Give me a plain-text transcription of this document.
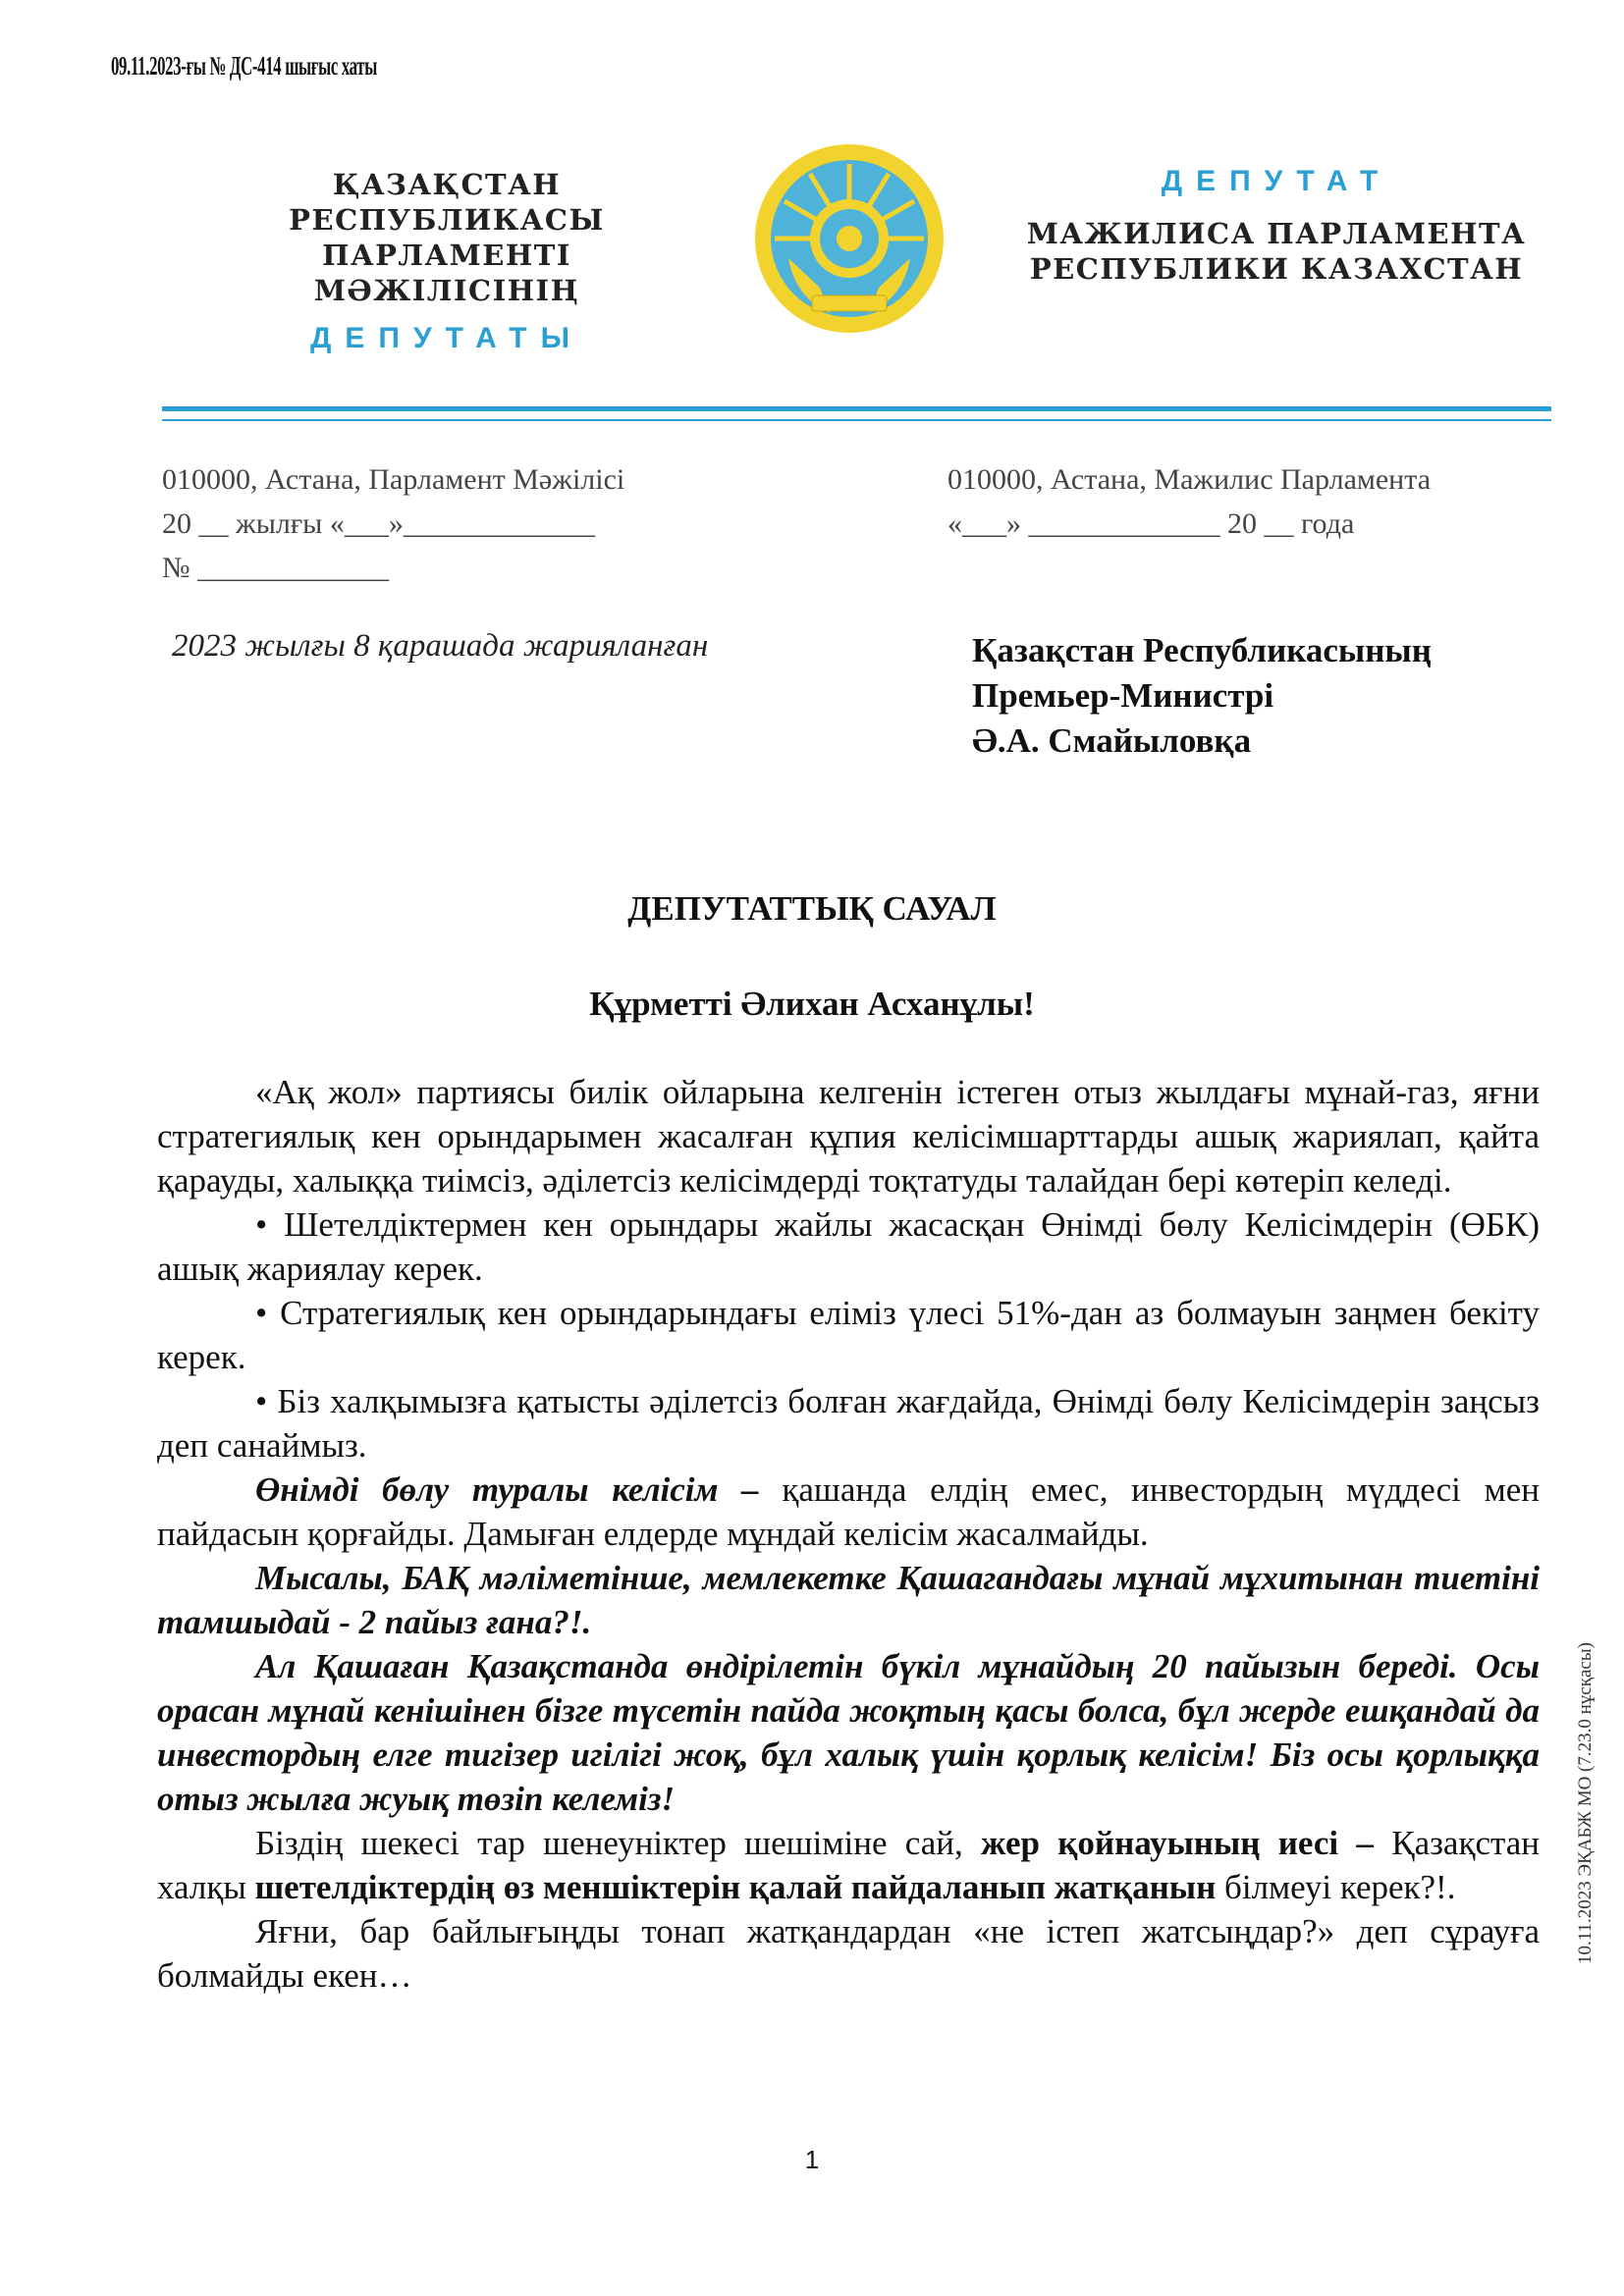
09.11.2023-ғы № ДС-414 шығыс хаты
ҚАЗАҚСТАН РЕСПУБЛИКАСЫ
ПАРЛАМЕНТІ МӘЖІЛІСІНІҢ
ДЕПУТАТЫ
ДЕПУТАТ
МАЖИЛИСА ПАРЛАМЕНТА
РЕСПУБЛИКИ КАЗАХСТАН
010000, Астана, Парламент Мәжілісі
20 __ жылғы «___»_____________
№ _____________
010000, Астана, Мажилис Парламента
«___» _____________ 20 __ года
2023 жылғы 8 қарашада жарияланған	Қазақстан Республикасының
Премьер-Министрі
Ә.А. Смайыловқа
ДЕПУТАТТЫҚ САУАЛ
Құрметті Әлихан Асханұлы!

«Ақ жол» партиясы билік ойларына келгенін істеген отыз жылдағы мұнай-газ, яғни стратегиялық кен орындарымен жасалған құпия келісімшарттарды ашық жариялап, қайта қарауды, халыққа тиімсіз, әділетсіз келісімдерді тоқтатуды талайдан бері көтеріп келеді.

• Шетелдіктермен кен орындары жайлы жасасқан Өнімді бөлу Келісімдерін (ӨБК) ашық жариялау керек.

• Стратегиялық кен орындарындағы еліміз үлесі 51%-дан аз болмауын заңмен бекіту керек.

• Біз халқымызға қатысты әділетсіз болған жағдайда, Өнімді бөлу Келісімдерін заңсыз деп санаймыз.

Өнімді бөлу туралы келісім – қашанда елдің емес, инвестордың мүддесі мен пайдасын қорғайды. Дамыған елдерде мұндай келісім жасалмайды.

Мысалы, БАҚ мәліметінше, мемлекетке Қашагандағы мұнай мұхитынан тиетіні тамшыдай - 2 пайыз ғана?!.

Ал Қашаған Қазақстанда өндірілетін бүкіл мұнайдың 20 пайызын береді. Осы орасан мұнай кенішінен бізге түсетін пайда жоқтың қасы болса, бұл жерде ешқандай да инвестордың елге тигізер игілігі жоқ, бұл халық үшін қорлық келісім! Біз осы қорлыққа отыз жылға жуық төзіп келеміз!

Біздің шекесі тар шенеуніктер шешіміне сай, жер қойнауының иесі – Қазақстан халқы шетелдіктердің өз меншіктерін қалай пайдаланып жатқанын білмеуі керек?!.

Яғни, бар байлығыңды тонап жатқандардан «не істеп жатсыңдар?» деп сұрауға болмайды екен…

1
10.11.2023 ЭҚАБЖ МО (7.23.0 нұсқасы)
